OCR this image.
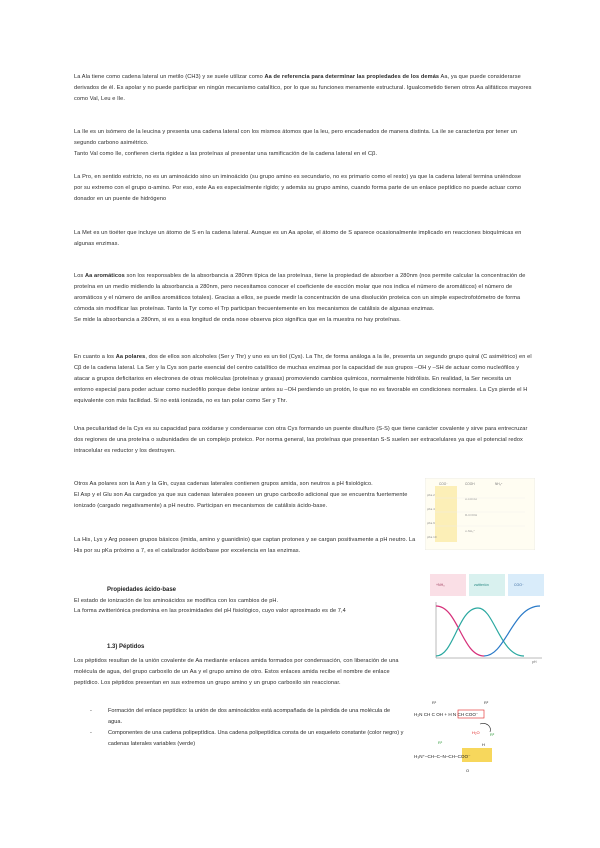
La Ala tiene como cadena lateral un metilo (CH3) y se suele utilizar como Aa de referencia para determinar las propiedades de los demás Aa, ya que puede considerarse derivados de él. Es apolar y no puede participar en ningún mecanismo catalítico, por lo que su funciones meramente estructural. Igualcometido tienen otros Aa alifáticos mayores como Val, Leu e Ile.

La Ile es un isómero de la leucina y presenta una cadena lateral con los mismos átomos que la leu, pero encadenados de manera distinta. La ile se caracteriza por tener un segundo carbono asimétrico.
Tanto Val como Ile, confieren cierta rigidez a las proteínas al presentar una ramificación de la cadena lateral en el Cβ.

La Pro, en sentido estricto, no es un aminoácido sino un iminoácido (su grupo amino es secundario, no es primario como el resto) ya que la cadena lateral termina uniéndose por su extremo con el grupo α-amino. Por eso, este Aa es especialmente rígido; y además su grupo amino, cuando forma parte de un enlace peptídico no puede actuar como donador en un puente de hidrógeno
La Met es un tioéter que incluye un átomo de S en la cadena lateral. Aunque es un Aa apolar, el átomo de S aparece ocasionalmente implicado en reacciones bioquímicas en algunas enzimas.

Los Aa aromáticos son los responsables de la absorbancia a 280nm típica de las proteínas, tiene la propiedad de absorber a 280nm (nos permite calcular la concentración de proteína en un medio midiendo la absorbancia a 280nm, pero necesitamos conocer el coeficiente de escción molar que nos indica el número de aromáticos) el número de aromáticos y el número de anillos aromáticos totales). Gracias a ellos, se puede medir la concentración de una disolución proteica con un simple espectrofotómetro de forma cómoda sin modificar las proteínas. Tanto la Tyr como el Trp participan frecuentemente en los mecanismos de catálisis de algunas enzimas.
Se mide la absorbancia a 280nm, si es a esa longitud de onda nose observa pico significa que en la muestra no hay proteínas.

En cuanto a los Aa polares, dos de ellos son alcoholes (Ser y Thr) y uno es un tiol (Cys). La Thr, de forma análoga a la ile, presenta un segundo grupo quiral (C asimétrico) en el Cβ de la cadena lateral. La Ser y la Cys son parte esencial del centro catalítico de muchas enzimas por la capacidad de sus grupos –OH y –SH de actuar como nucleófilos y atacar a grupos deficitarios en electrones de otras moléculas (proteínas y grasas) promoviendo cambios químicos, normalmente hidrólisis. En realidad, la Ser necesita un entorno especial para poder actuar como nucleófilo porque debe ionizar antes su –OH perdiendo un protón, lo que no es favorable en condiciones normales. La Cys pierde el H equivalente con más facilidad. Si no está ionizada, no es tan polar como Ser y Thr.
Una peculiaridad de la Cys es su capacidad para oxidarse y condensarse con otra Cys formando un puente disulfuro (S-S) que tiene carácter covalente y sirve para entrecruzar dos regiones de una proteína o subunidades de un complejo proteico. Por norma general, las proteínas que presentan S-S suelen ser extracelulares ya que el potencial redox intracelular es reductor y los destruyen.

Otros Aa polares son la Asn y la Gln, cuyas cadenas laterales contienen grupos amida, son neutros a pH fisiológico.
El Asp y el Glu son Aa cargados ya que sus cadenas laterales poseen un grupo carboxilo adicional que se encuentra fuertemente ionizado (cargado negativamente) a pH neutro. Participan en mecanismos de catálisis ácido-base.

COO⁻	COOH	NH₃⁺
pKa 2
pKa 4
pKa 9
pKa 10
α-COOH
R-COOH
α-NH₃⁺
La His, Lys y Arg poseen grupos básicos (imida, amino y guanidinio) que captan protones y se cargan positivamente a pH neutro. La His por su pKa próximo a 7, es el catalizador ácido/base por excelencia en las enzimas.
Propiedades ácido-base
El estado de ionización de los aminoácidos se modifica con los cambios de pH.
La forma zwitteriónica predomina en las proximidades del pH fisiológico, cuyo valor aproximado es de 7,4
+NH₃	zwitterión	COO⁻
pH
1.3) Péptidos
Los péptidos resultan de la unión covalente de Aa mediante enlaces amida formados por condensación, con liberación de una molécula de agua, del grupo carboxilo de un Aa y el grupo amino de otro. Estos enlaces amida recibe el nombre de enlace peptídico. Los péptidos presentan en sus extremos un grupo amino y un grupo carboxilo sin reaccionar.
-	Formación del enlace peptídico: la unión de dos aminoácidos está acompañada de la pérdida de una molécula de agua.
-	Componentes de una cadena polipeptídica. Una cadena polipeptídica consta de un esqueleto constante (color negro) y cadenas laterales variables (verde)
R¹	R²
H₂N CH C OH + H N CH COO⁻
H₂O	R²
H₃N⁺–CH–C–N–CH–COO⁻
O
H
R¹
